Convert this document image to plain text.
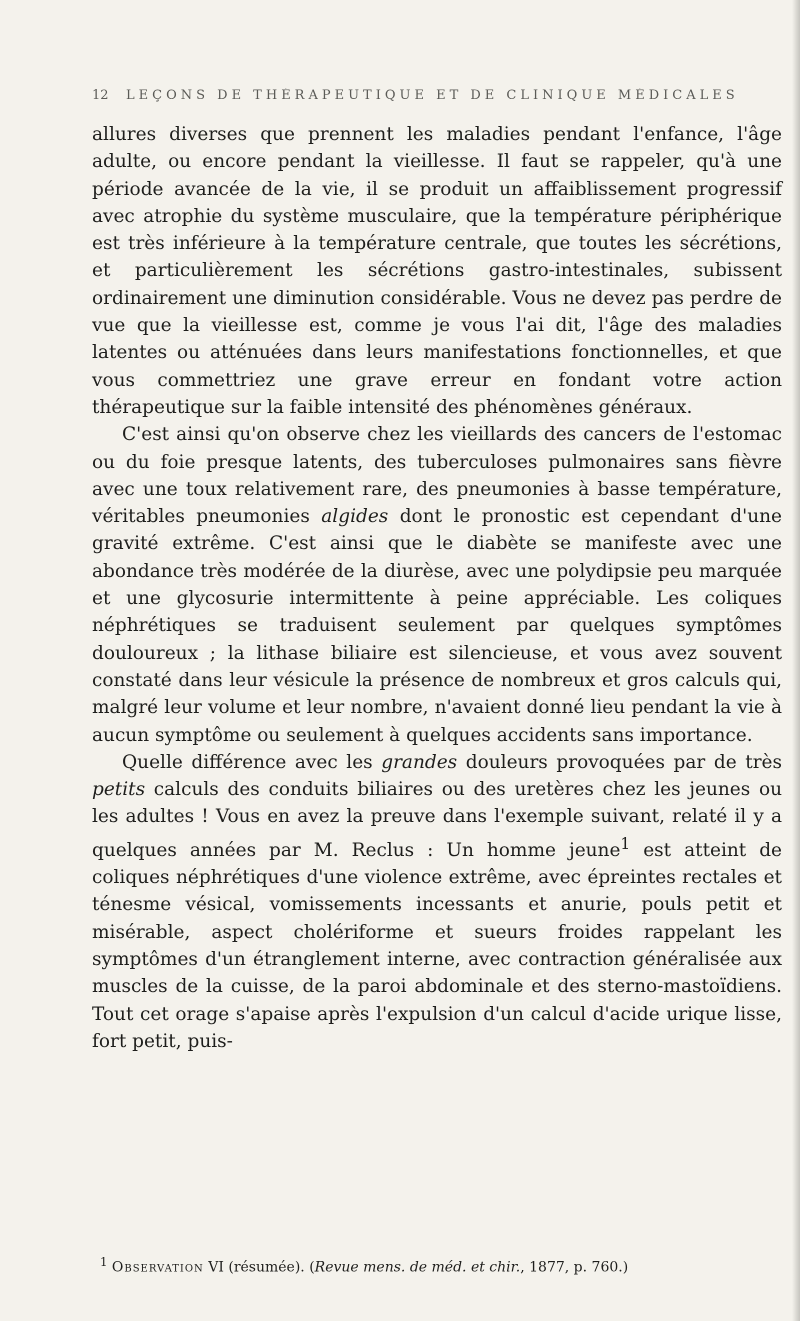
12 LEÇONS DE THÉRAPEUTIQUE ET DE CLINIQUE MÉDICALES

allures diverses que prennent les maladies pendant l'enfance, l'âge adulte, ou encore pendant la vieillesse. Il faut se rappeler, qu'à une période avancée de la vie, il se produit un affaiblissement progressif avec atrophie du système musculaire, que la température périphérique est très inférieure à la température centrale, que toutes les sécrétions, et particulièrement les sécrétions gastro-intestinales, subissent ordinairement une diminution considérable. Vous ne devez pas perdre de vue que la vieillesse est, comme je vous l'ai dit, l'âge des maladies latentes ou atténuées dans leurs manifestations fonctionnelles, et que vous commettriez une grave erreur en fondant votre action thérapeutique sur la faible intensité des phénomènes généraux.

C'est ainsi qu'on observe chez les vieillards des cancers de l'estomac ou du foie presque latents, des tuberculoses pulmonaires sans fièvre avec une toux relativement rare, des pneumonies à basse température, véritables pneumonies algides dont le pronostic est cependant d'une gravité extrême. C'est ainsi que le diabète se manifeste avec une abondance très modérée de la diurèse, avec une polydipsie peu marquée et une glycosurie intermittente à peine appréciable. Les coliques néphrétiques se traduisent seulement par quelques symptômes douloureux ; la lithase biliaire est silencieuse, et vous avez souvent constaté dans leur vésicule la présence de nombreux et gros calculs qui, malgré leur volume et leur nombre, n'avaient donné lieu pendant la vie à aucun symptôme ou seulement à quelques accidents sans importance.

Quelle différence avec les grandes douleurs provoquées par de très petits calculs des conduits biliaires ou des uretères chez les jeunes ou les adultes ! Vous en avez la preuve dans l'exemple suivant, relaté il y a quelques années par M. Reclus : Un homme jeune$^1$ est atteint de coliques néphrétiques d'une violence extrême, avec épreintes rectales et ténesme vésical, vomissements incessants et anurie, pouls petit et misérable, aspect cholériforme et sueurs froides rappelant les symptômes d'un étranglement interne, avec contraction généralisée aux muscles de la cuisse, de la paroi abdominale et des sterno-mastoïdiens. Tout cet orage s'apaise après l'expulsion d'un calcul d'acide urique lisse, fort petit, puis-

$^1$ Observation VI (résumée). (Revue mens. de méd. et chir., 1877, p. 760.)
